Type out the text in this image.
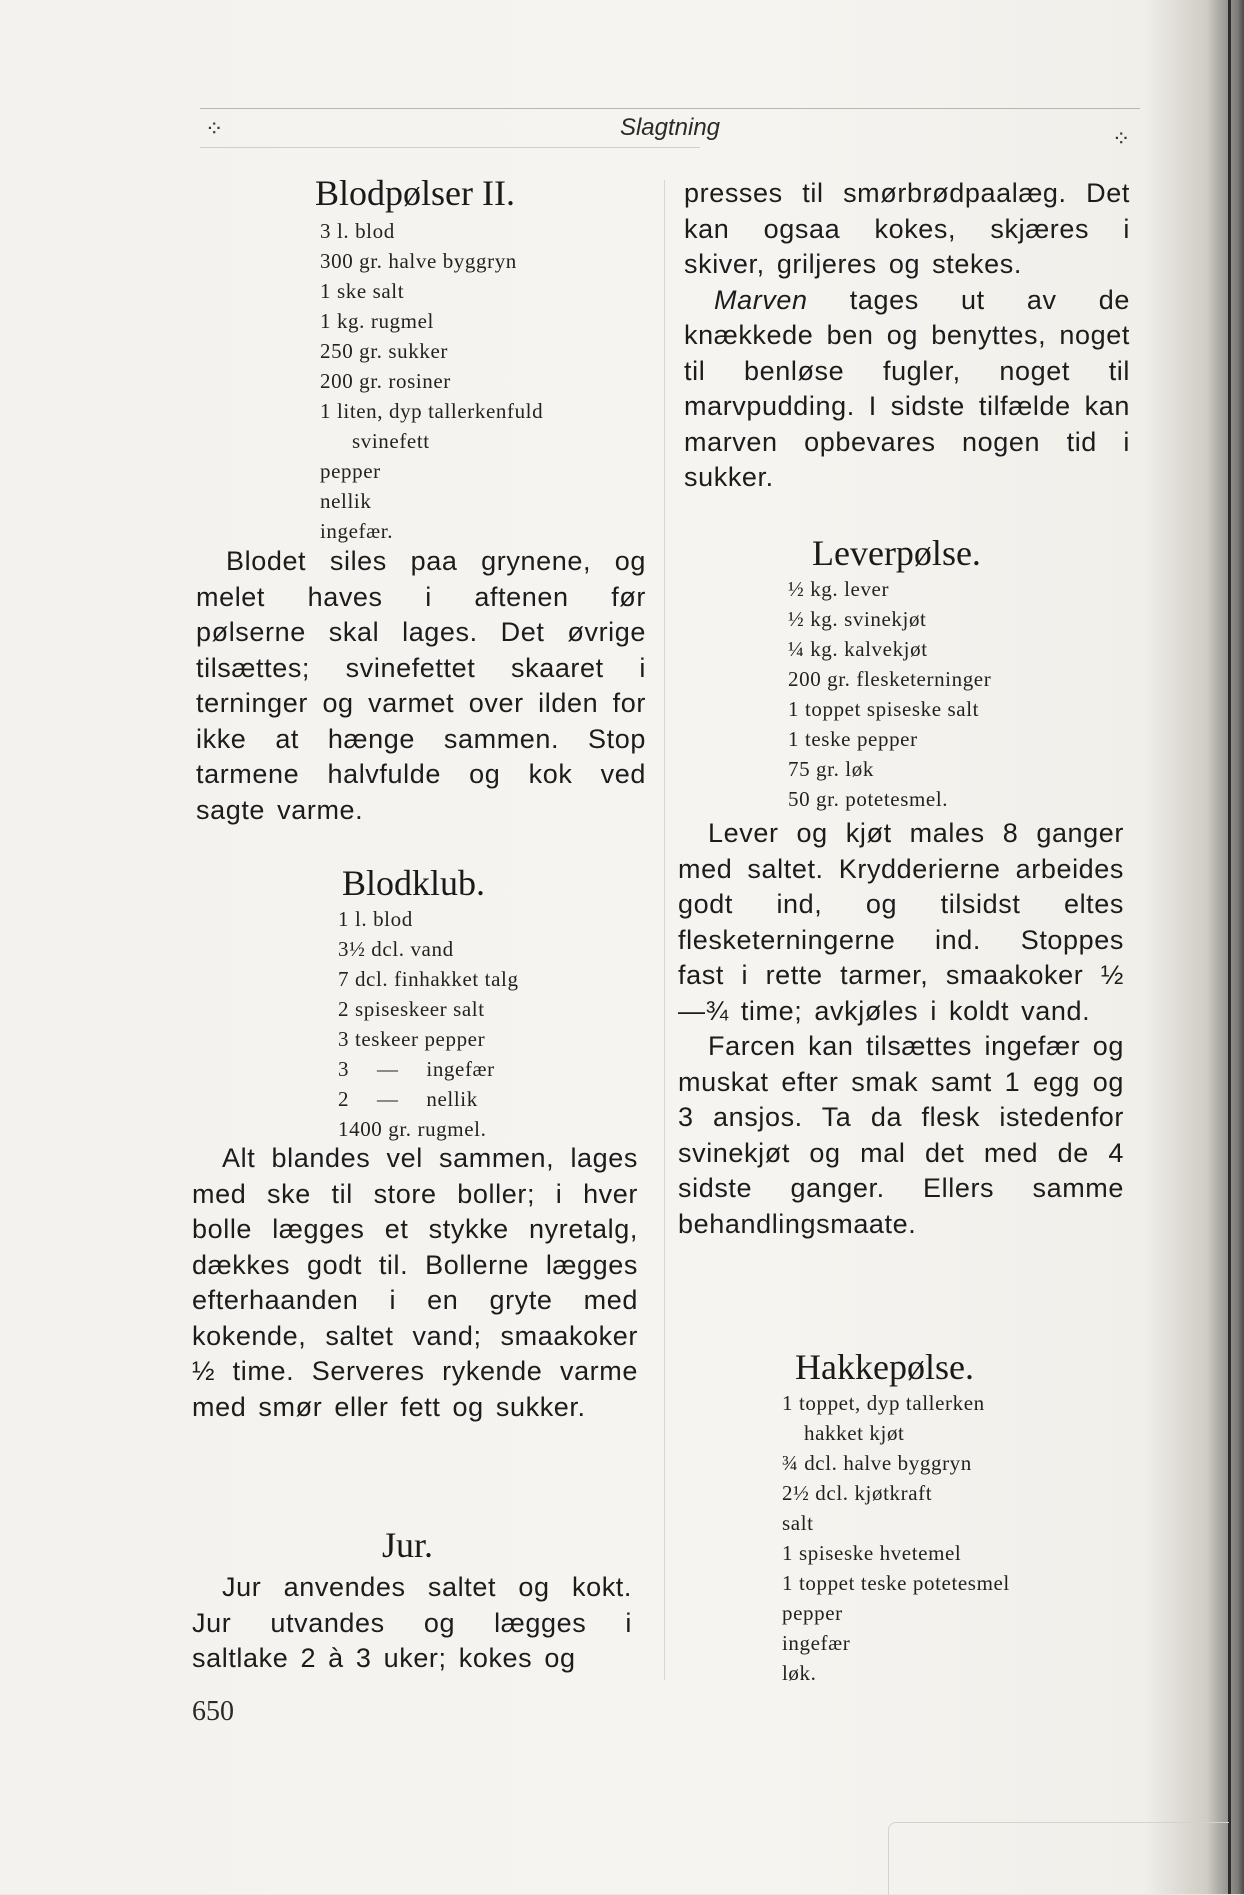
⁘	Slagtning	⁘
Blodpølser II.
3 l. blod
300 gr. halve byggryn
1 ske salt
1 kg. rugmel
250 gr. sukker
200 gr. rosiner
1 liten, dyp tallerkenfuld
svinefett
pepper
nellik
ingefær.

Blodet siles paa grynene, og melet haves i aftenen før pølserne skal lages. Det øvrige tilsættes; svinefettet skaaret i terninger og varmet over ilden for ikke at hænge sammen. Stop tarmene halvfulde og kok ved sagte varme.

Blodklub.
1 l. blod
3½ dcl. vand
7 dcl. finhakket talg
2 spiseskeer salt
3 teskeer pepper
3 — ingefær
2 — nellik
1400 gr. rugmel.

Alt blandes vel sammen, lages med ske til store boller; i hver bolle lægges et stykke nyretalg, dækkes godt til. Bollerne lægges efterhaanden i en gryte med kokende, saltet vand; smaakoker ½ time. Serveres rykende varme med smør eller fett og sukker.

Jur.

Jur anvendes saltet og kokt. Jur utvandes og lægges i saltlake 2 à 3 uker; kokes og

presses til smørbrødpaalæg. Det kan ogsaa kokes, skjæres i skiver, griljeres og stekes.

Marven tages ut av de knækkede ben og benyttes, noget til benløse fugler, noget til marvpudding. I sidste tilfælde kan marven opbevares nogen tid i sukker.

Leverpølse.
½ kg. lever
½ kg. svinekjøt
¼ kg. kalvekjøt
200 gr. flesketerninger
1 toppet spiseske salt
1 teske pepper
75 gr. løk
50 gr. potetesmel.

Lever og kjøt males 8 ganger med saltet. Krydderierne arbeides godt ind, og tilsidst eltes flesketerningerne ind. Stoppes fast i rette tarmer, smaakoker ½—¾ time; avkjøles i koldt vand.

Farcen kan tilsættes ingefær og muskat efter smak samt 1 egg og 3 ansjos. Ta da flesk istedenfor svinekjøt og mal det med de 4 sidste ganger. Ellers samme behandlingsmaate.

Hakkepølse.
1 toppet, dyp tallerken
hakket kjøt
¾ dcl. halve byggryn
2½ dcl. kjøtkraft
salt
1 spiseske hvetemel
1 toppet teske potetesmel
pepper
ingefær
løk.
650
